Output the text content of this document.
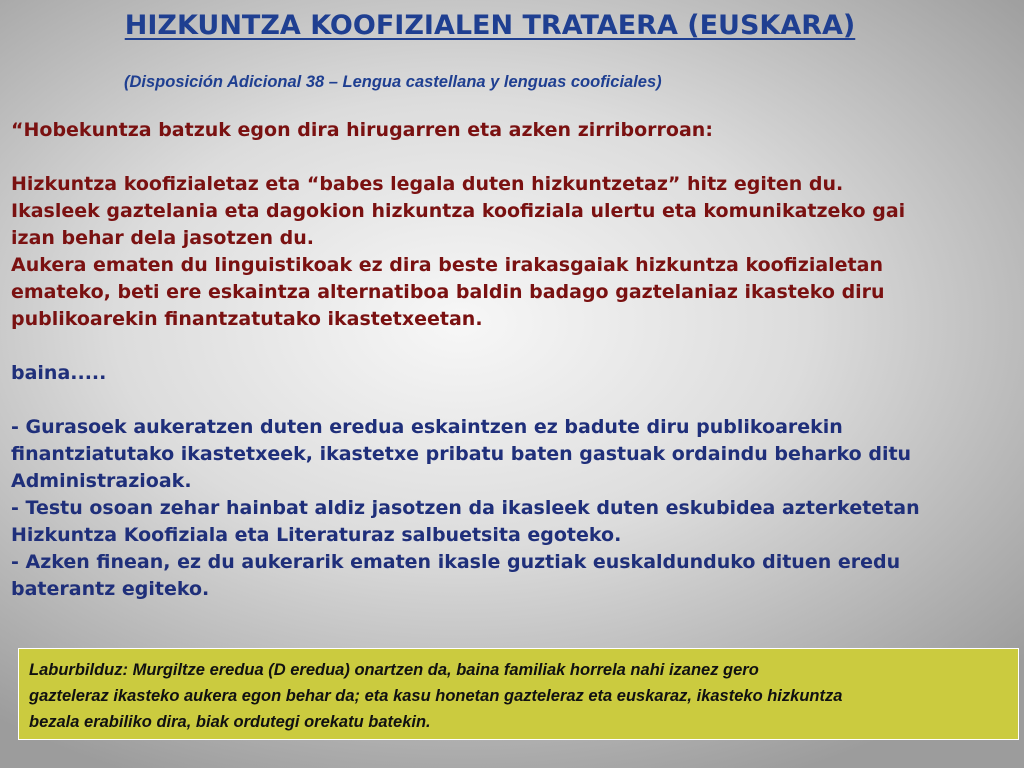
HIZKUNTZA KOOFIZIALEN TRATAERA (EUSKARA)

(Disposición Adicional 38 – Lengua castellana y lenguas cooficiales)

“Hobekuntza batzuk egon dira hirugarren eta azken zirriborroan:

Hizkuntza koofizialetaz eta “babes legala duten hizkuntzetaz” hitz egiten du.

Ikasleek gaztelania eta dagokion hizkuntza koofiziala ulertu eta komunikatzeko gai

izan behar dela jasotzen du.

Aukera ematen du linguistikoak ez dira beste irakasgaiak hizkuntza koofizialetan

emateko, beti ere eskaintza alternatiboa baldin badago gaztelaniaz ikasteko diru

publikoarekin finantzatutako ikastetxeetan.

baina.....

- Gurasoek aukeratzen duten eredua eskaintzen ez badute diru publikoarekin

finantziatutako ikastetxeek, ikastetxe pribatu baten gastuak ordaindu beharko ditu

Administrazioak.

- Testu osoan zehar hainbat aldiz jasotzen da ikasleek duten eskubidea azterketetan

Hizkuntza Koofiziala eta Literaturaz salbuetsita egoteko.

- Azken finean, ez du aukerarik ematen ikasle guztiak euskaldunduko dituen eredu

baterantz egiteko.

Laburbilduz: Murgiltze eredua (D eredua) onartzen da, baina familiak horrela nahi izanez gero

gazteleraz ikasteko aukera egon behar da; eta kasu honetan gazteleraz eta euskaraz, ikasteko hizkuntza

bezala erabiliko dira, biak ordutegi orekatu batekin.
